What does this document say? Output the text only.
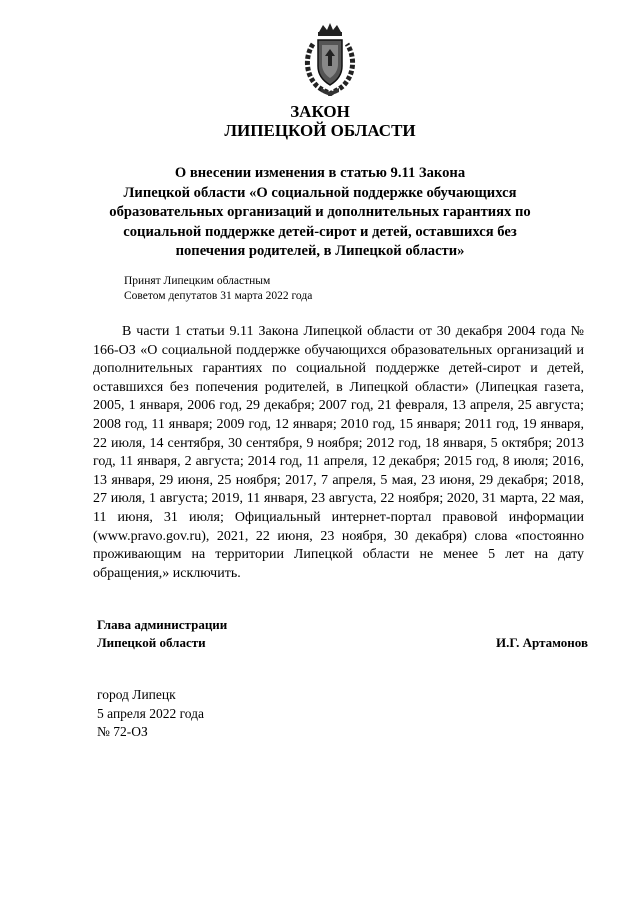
ЗАКОН
ЛИПЕЦКОЙ ОБЛАСТИ

О внесении изменения в статью 9.11 Закона
Липецкой области «О социальной поддержке обучающихся
образовательных организаций и дополнительных гарантиях по
социальной поддержке детей-сирот и детей, оставшихся без
попечения родителей, в Липецкой области»

Принят Липецким областным
Советом депутатов 31 марта 2022 года

В части 1 статьи 9.11 Закона Липецкой области от 30 декабря 2004 года № 166-ОЗ «О социальной поддержке обучающихся образовательных организаций и дополнительных гарантиях по социальной поддержке детей-сирот и детей, оставшихся без попечения родителей, в Липецкой области» (Липецкая газета, 2005, 1 января, 2006 год, 29 декабря; 2007 год, 21 февраля, 13 апреля, 25 августа; 2008 год, 11 января; 2009 год, 12 января; 2010 год, 15 января; 2011 год, 19 января, 22 июля, 14 сентября, 30 сентября, 9 ноября; 2012 год, 18 января, 5 октября; 2013 год, 11 января, 2 августа; 2014 год, 11 апреля, 12 декабря; 2015 год, 8 июля; 2016, 13 января, 29 июня, 25 ноября; 2017, 7 апреля, 5 мая, 23 июня, 29 декабря; 2018, 27 июля, 1 августа; 2019, 11 января, 23 августа, 22 ноября; 2020, 31 марта, 22 мая, 11 июня, 31 июля; Официальный интернет-портал правовой информации (www.pravo.gov.ru), 2021, 22 июня, 23 ноября, 30 декабря) слова «постоянно проживающим на территории Липецкой области не менее 5 лет на дату обращения,» исключить.

Глава администрации
Липецкой области	И.Г. Артамонов
город Липецк
5 апреля 2022 года
№ 72-ОЗ
